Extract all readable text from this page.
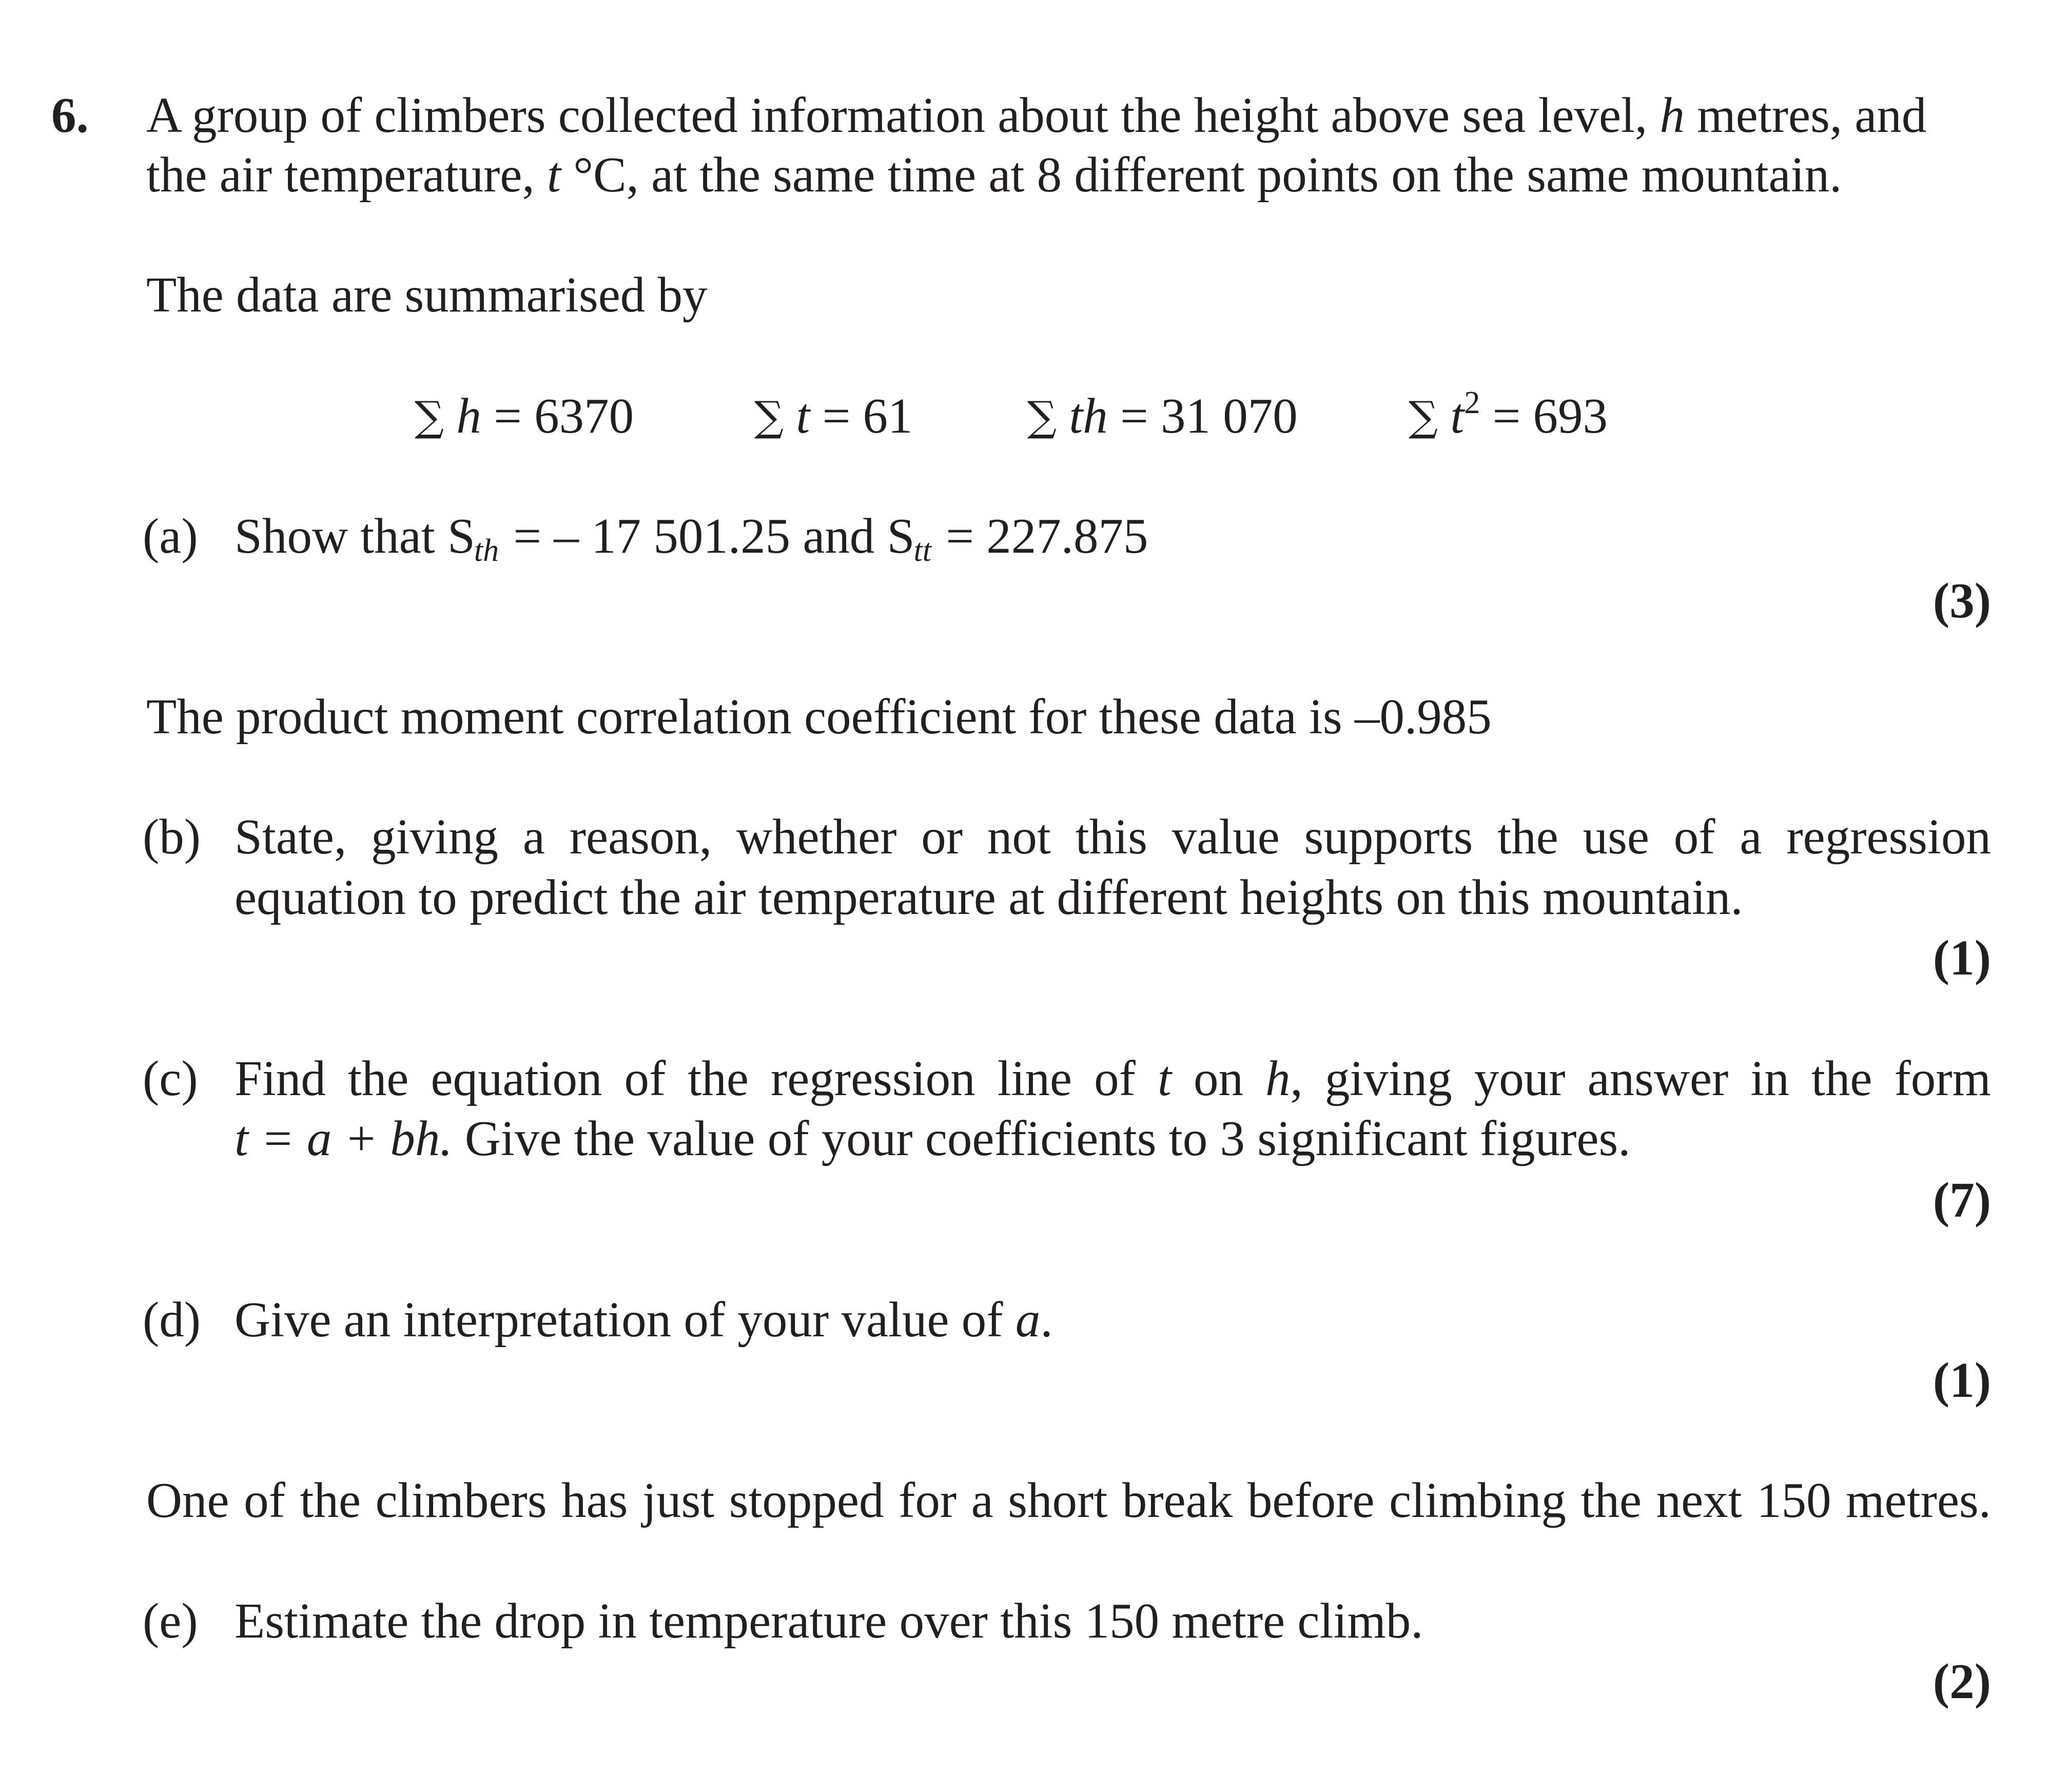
6. A group of climbers collected information about the height above sea level, h metres, and
the air temperature, t °C, at the same time at 8 different points on the same mountain.
The data are summarised by
∑ h = 6370	∑ t = 61	∑ th = 31 070	∑ $t^2 = 693$
(a) Show that $S_{th}$ = – 17 501.25 and $S_{tt} = 227.875$
(3)
The product moment correlation coefficient for these data is –0.985
(b) State, giving a reason, whether or not this value supports the use of a regression
equation to predict the air temperature at different heights on this mountain.
(1)
(c) Find the equation of the regression line of t on h, giving your answer in the form
t = a + bh. Give the value of your coefficients to 3 significant figures.
(7)
(d) Give an interpretation of your value of a.
(1)
One of the climbers has just stopped for a short break before climbing the next 150 metres.
(e) Estimate the drop in temperature over this 150 metre climb.
(2)
